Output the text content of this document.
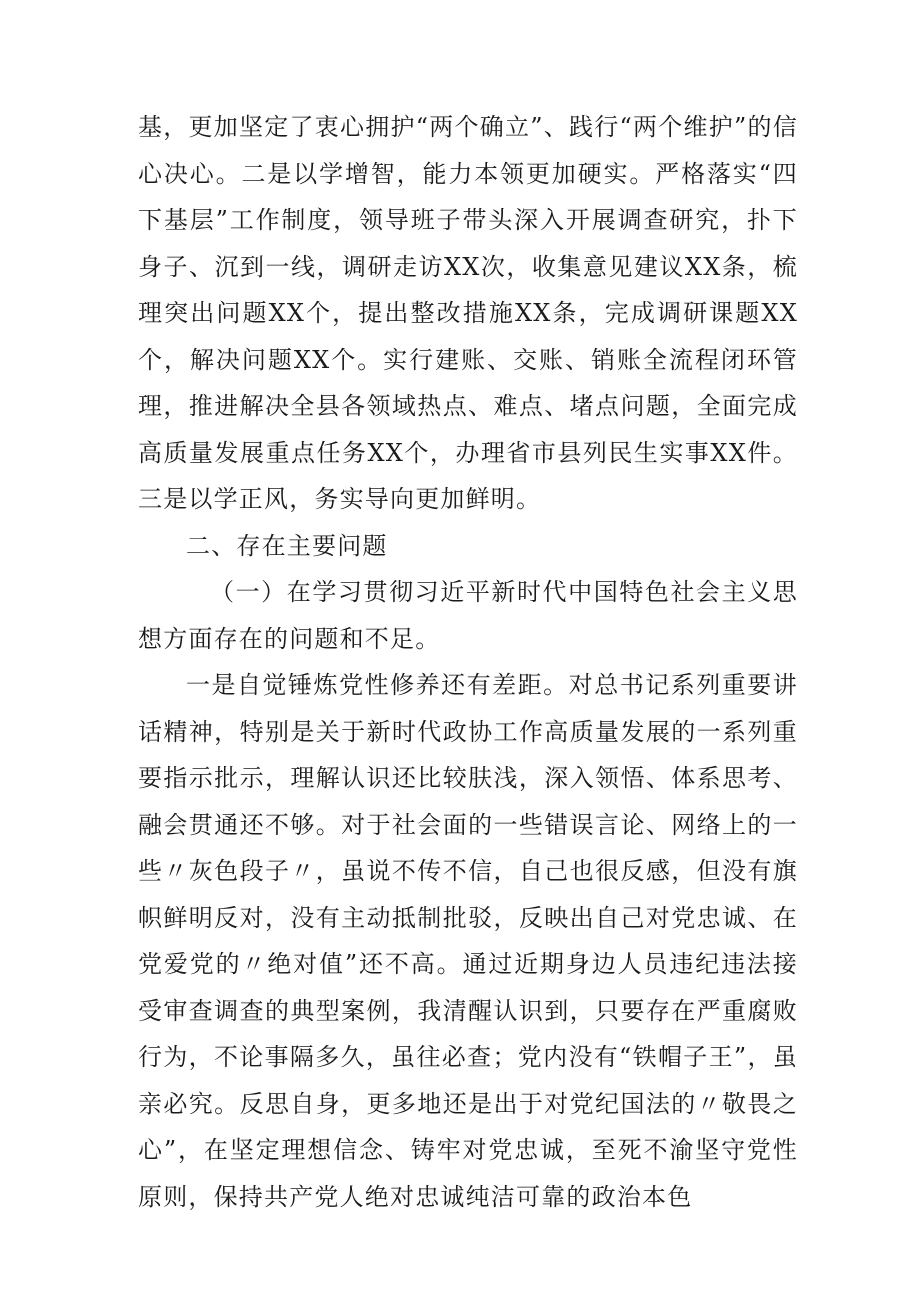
基，更加坚定了衷心拥护“两个确立”、践行“两个维护”的信心决心。二是以学增智，能力本领更加硬实。严格落实“四下基层”工作制度，领导班子带头深入开展调查研究，扑下身子、沉到一线，调研走访XX次，收集意见建议XX条，梳理突出问题XX个，提出整改措施XX条，完成调研课题XX个，解决问题XX个。实行建账、交账、销账全流程闭环管理，推进解决全县各领域热点、难点、堵点问题，全面完成高质量发展重点任务XX个，办理省市县列民生实事XX件。三是以学正风，务实导向更加鲜明。

二、存在主要问题

（一）在学习贯彻习近平新时代中国特色社会主义思想方面存在的问题和不足。

一是自觉锤炼党性修养还有差距。对总书记系列重要讲话精神，特别是关于新时代政协工作高质量发展的一系列重要指示批示，理解认识还比较肤浅，深入领悟、体系思考、融会贯通还不够。对于社会面的一些错误言论、网络上的一些〃灰色段子〃，虽说不传不信，自己也很反感，但没有旗帜鲜明反对，没有主动抵制批驳，反映出自己对党忠诚、在党爱党的〃绝对值”还不高。通过近期身边人员违纪违法接受审查调查的典型案例，我清醒认识到，只要存在严重腐败行为，不论事隔多久，虽往必查；党内没有“铁帽子王”，虽亲必究。反思自身，更多地还是出于对党纪国法的〃敬畏之心”，在坚定理想信念、铸牢对党忠诚，至死不渝坚守党性原则，保持共产党人绝对忠诚纯洁可靠的政治本色
